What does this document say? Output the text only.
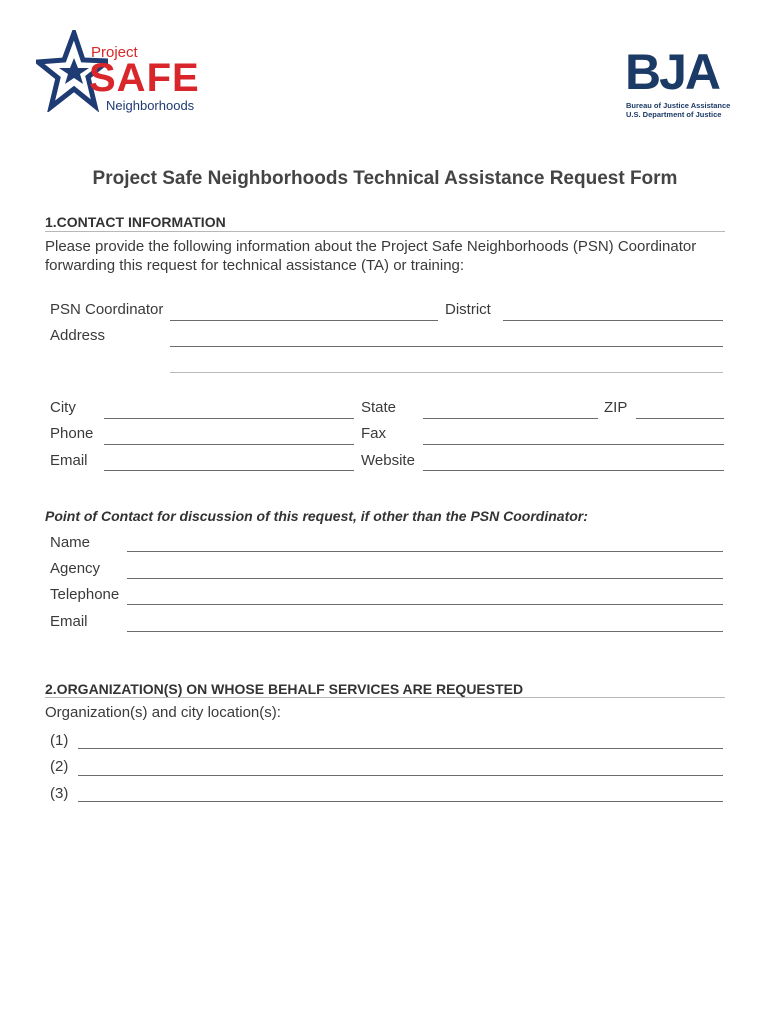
Project
SAFE
Neighborhoods
BJA
Bureau of Justice Assistance
U.S. Department of Justice
Project Safe Neighborhoods Technical Assistance Request Form
1.CONTACT INFORMATION
Please provide the following information about the Project Safe Neighborhoods (PSN) Coordinator
forwarding this request for technical assistance (TA) or training:
PSN Coordinator	District
Address
City	State	ZIP
Phone	Fax
Email	Website
Point of Contact for discussion of this request, if other than the PSN Coordinator:
Name
Agency
Telephone
Email
2.ORGANIZATION(S) ON WHOSE BEHALF SERVICES ARE REQUESTED
Organization(s) and city location(s):
(1)
(2)
(3)
